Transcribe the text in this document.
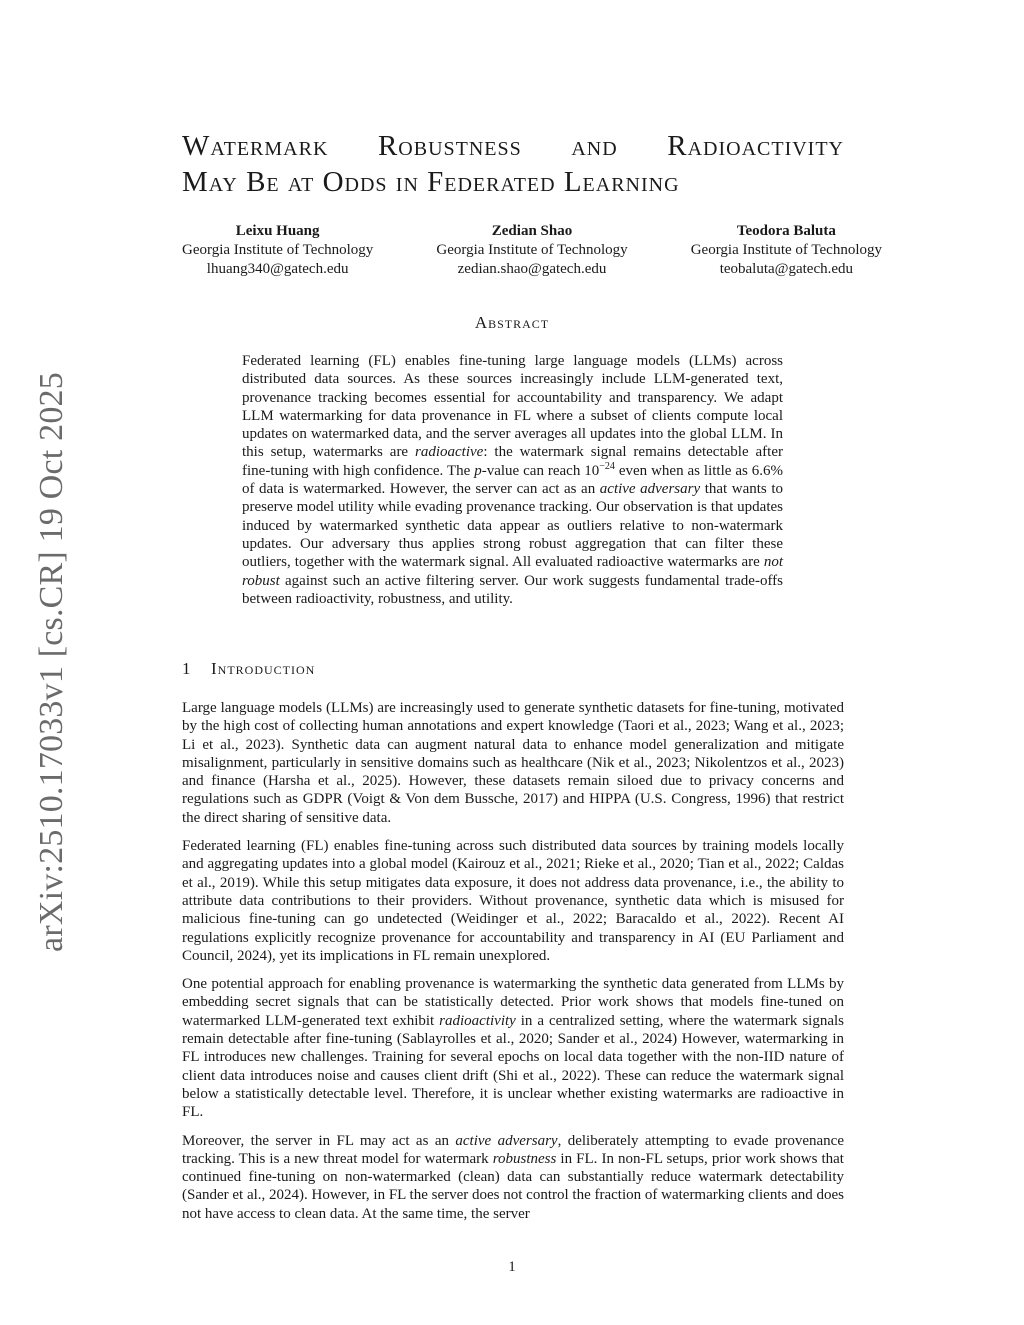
arXiv:2510.17033v1 [cs.CR] 19 Oct 2025
Watermark Robustness and Radioactivity
May Be at Odds in Federated Learning
Leixu Huang
Georgia Institute of Technology
lhuang340@gatech.edu
Zedian Shao
Georgia Institute of Technology
zedian.shao@gatech.edu
Teodora Baluta
Georgia Institute of Technology
teobaluta@gatech.edu
Abstract

Federated learning (FL) enables fine-tuning large language models (LLMs) across distributed data sources. As these sources increasingly include LLM-generated text, provenance tracking becomes essential for accountability and transparency. We adapt LLM watermarking for data provenance in FL where a subset of clients compute local updates on watermarked data, and the server averages all updates into the global LLM. In this setup, watermarks are radioactive: the watermark signal remains detectable after fine-tuning with high confidence. The p-value can reach $10^{-24}$ even when as little as 6.6% of data is watermarked. However, the server can act as an active adversary that wants to preserve model utility while evading provenance tracking. Our observation is that updates induced by watermarked synthetic data appear as outliers relative to non-watermark updates. Our adversary thus applies strong robust aggregation that can filter these outliers, together with the watermark signal. All evaluated radioactive watermarks are not robust against such an active filtering server. Our work suggests fundamental trade-offs between radioactivity, robustness, and utility.

1 Introduction

Large language models (LLMs) are increasingly used to generate synthetic datasets for fine-tuning, motivated by the high cost of collecting human annotations and expert knowledge (Taori et al., 2023; Wang et al., 2023; Li et al., 2023). Synthetic data can augment natural data to enhance model generalization and mitigate misalignment, particularly in sensitive domains such as healthcare (Nik et al., 2023; Nikolentzos et al., 2023) and finance (Harsha et al., 2025). However, these datasets remain siloed due to privacy concerns and regulations such as GDPR (Voigt & Von dem Bussche, 2017) and HIPPA (U.S. Congress, 1996) that restrict the direct sharing of sensitive data.

Federated learning (FL) enables fine-tuning across such distributed data sources by training models locally and aggregating updates into a global model (Kairouz et al., 2021; Rieke et al., 2020; Tian et al., 2022; Caldas et al., 2019). While this setup mitigates data exposure, it does not address data provenance, i.e., the ability to attribute data contributions to their providers. Without provenance, synthetic data which is misused for malicious fine-tuning can go undetected (Weidinger et al., 2022; Baracaldo et al., 2022). Recent AI regulations explicitly recognize provenance for accountability and transparency in AI (EU Parliament and Council, 2024), yet its implications in FL remain unexplored.

One potential approach for enabling provenance is watermarking the synthetic data generated from LLMs by embedding secret signals that can be statistically detected. Prior work shows that models fine-tuned on watermarked LLM-generated text exhibit radioactivity in a centralized setting, where the watermark signals remain detectable after fine-tuning (Sablayrolles et al., 2020; Sander et al., 2024) However, watermarking in FL introduces new challenges. Training for several epochs on local data together with the non-IID nature of client data introduces noise and causes client drift (Shi et al., 2022). These can reduce the watermark signal below a statistically detectable level. Therefore, it is unclear whether existing watermarks are radioactive in FL.

Moreover, the server in FL may act as an active adversary, deliberately attempting to evade provenance tracking. This is a new threat model for watermark robustness in FL. In non-FL setups, prior work shows that continued fine-tuning on non-watermarked (clean) data can substantially reduce watermark detectability (Sander et al., 2024). However, in FL the server does not control the fraction of watermarking clients and does not have access to clean data. At the same time, the server

1
